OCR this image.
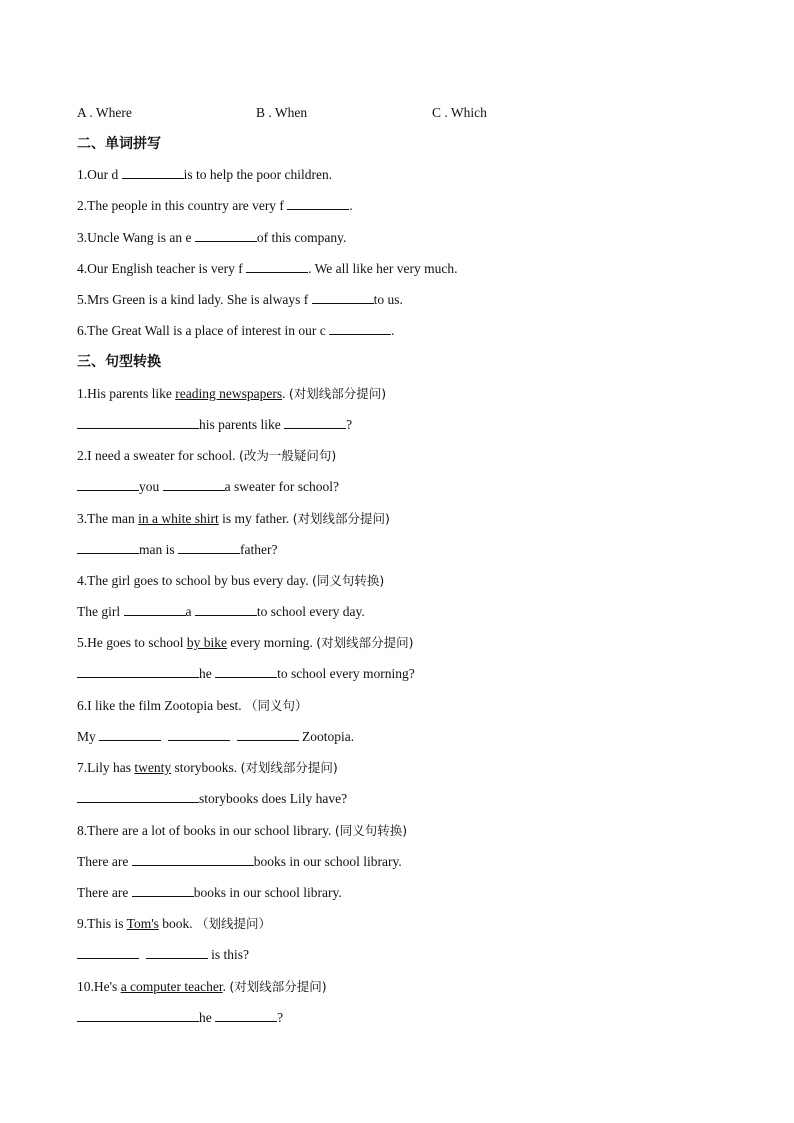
A . Where	B . When	C . Which
二、单词拼写
1.Our d	is to help the poor children.
2.The people in this country are very f	.
3.Uncle Wang is an e	of this company.
4.Our English teacher is very f	. We all like her very much.
5.Mrs Green is a kind lady. She is always f	to us.
6.The Great Wall is a place of interest in our c	.
三、句型转换
1.His parents like reading newspapers. (对划线部分提问)
his parents like	?
2.I need a sweater for school. (改为一般疑问句)
you	a sweater for school?
3.The man in a white shirt is my father. (对划线部分提问)
man is	father?
4.The girl goes to school by bus every day. (同义句转换)
The girl	a	to school every day.
5.He goes to school by bike every morning. (对划线部分提问)
he	to school every morning?
6.I like the film Zootopia best. （同义句）
My	Zootopia.
7.Lily has twenty storybooks. (对划线部分提问)
storybooks does Lily have?
8.There are a lot of books in our school library. (同义句转换)
There are	books in our school library.
There are	books in our school library.
9.This is Tom's book. （划线提问）
is this?
10.He's a computer teacher. (对划线部分提问)
he	?
